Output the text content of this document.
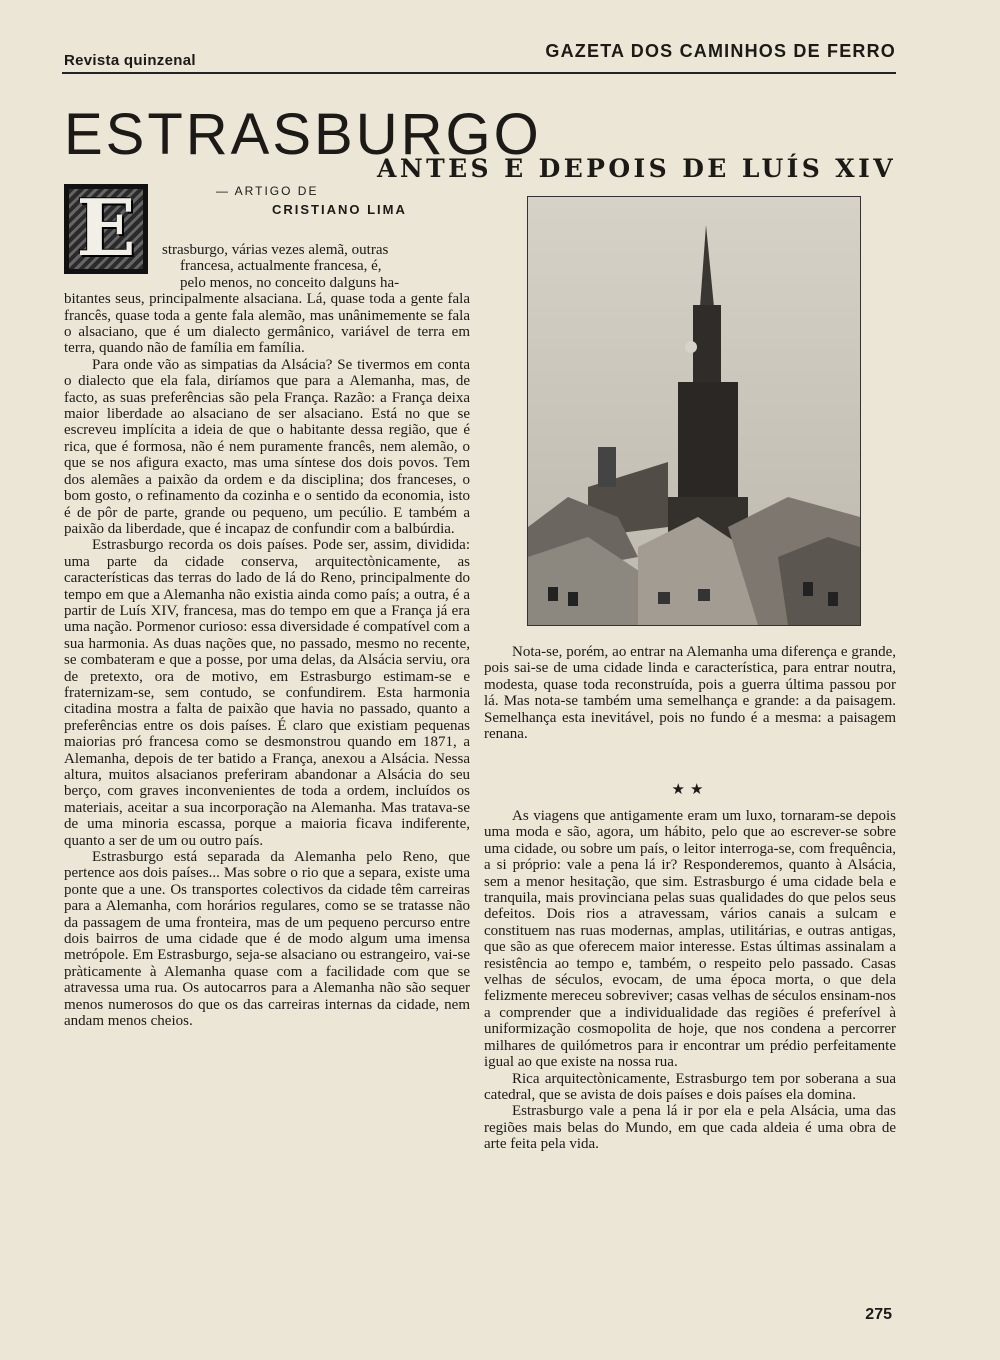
Revista quinzenal	GAZETA DOS CAMINHOS DE FERRO
ESTRASBURGO
ANTES E DEPOIS DE LUÍS XIV
— ARTIGO DE
CRISTIANO LIMA
E	strasburgo, várias vezes alemã, outras
francesa, actualmente francesa, é,
pelo menos, no conceito dalguns ha-

bitantes seus, principalmente alsaciana. Lá, quase toda a gente fala francês, quase toda a gente fala alemão, mas unânimemente se fala o alsaciano, que é um dialecto germânico, variável de terra em terra, quando não de família em família.

Para onde vão as simpatias da Alsácia? Se tivermos em conta o dialecto que ela fala, diríamos que para a Alemanha, mas, de facto, as suas preferências são pela França. Razão: a França deixa maior liberdade ao alsaciano de ser alsaciano. Está no que se escreveu implícita a ideia de que o habitante dessa região, que é rica, que é formosa, não é nem puramente francês, nem alemão, o que se nos afigura exacto, mas uma síntese dos dois povos. Tem dos alemães a paixão da ordem e da disciplina; dos franceses, o bom gosto, o refinamento da cozinha e o sentido da economia, isto é de pôr de parte, grande ou pequeno, um pecúlio. E também a paixão da liberdade, que é incapaz de confundir com a balbúrdia.

Estrasburgo recorda os dois países. Pode ser, assim, dividida: uma parte da cidade conserva, arquitectònicamente, as características das terras do lado de lá do Reno, principalmente do tempo em que a Alemanha não existia ainda como país; a outra, é a partir de Luís XIV, francesa, mas do tempo em que a França já era uma nação. Pormenor curioso: essa diversidade é compatível com a sua harmonia. As duas nações que, no passado, mesmo no recente, se combateram e que a posse, por uma delas, da Alsácia serviu, ora de pretexto, ora de motivo, em Estrasburgo estimam-se e fraternizam-se, sem contudo, se confundirem. Esta harmonia citadina mostra a falta de paixão que havia no passado, quanto a preferências entre os dois países. É claro que existiam pequenas maiorias pró francesa como se desmonstrou quando em 1871, a Alemanha, depois de ter batido a França, anexou a Alsácia. Nessa altura, muitos alsacianos preferiram abandonar a Alsácia do seu berço, com graves inconvenientes de toda a ordem, incluídos os materiais, aceitar a sua incorporação na Alemanha. Mas tratava-se de uma minoria escassa, porque a maioria ficava indiferente, quanto a ser de um ou outro país.

Estrasburgo está separada da Alemanha pelo Reno, que pertence aos dois países... Mas sobre o rio que a separa, existe uma ponte que a une. Os transportes colectivos da cidade têm carreiras para a Alemanha, com horários regulares, como se se tratasse não da passagem de uma fronteira, mas de um pequeno percurso entre dois bairros de uma cidade que é de modo algum uma imensa metrópole. Em Estrasburgo, seja-se alsaciano ou estrangeiro, vai-se pràticamente à Alemanha quase com a facilidade com que se atravessa uma rua. Os autocarros para a Alemanha não são sequer menos numerosos do que os das carreiras internas da cidade, nem andam menos cheios.

Nota-se, porém, ao entrar na Alemanha uma diferença e grande, pois sai-se de uma cidade linda e característica, para entrar noutra, modesta, quase toda reconstruída, pois a guerra última passou por lá. Mas nota-se também uma semelhança e grande: a da paisagem. Semelhança esta inevitável, pois no fundo é a mesma: a paisagem renana.

★★

As viagens que antigamente eram um luxo, tornaram-se depois uma moda e são, agora, um hábito, pelo que ao escrever-se sobre uma cidade, ou sobre um país, o leitor interroga-se, com frequência, a si próprio: vale a pena lá ir? Responderemos, quanto à Alsácia, sem a menor hesitação, que sim. Estrasburgo é uma cidade bela e tranquila, mais provinciana pelas suas qualidades do que pelos seus defeitos. Dois rios a atravessam, vários canais a sulcam e constituem nas ruas modernas, amplas, utilitárias, e outras antigas, que são as que oferecem maior interesse. Estas últimas assinalam a resistência ao tempo e, também, o respeito pelo passado. Casas velhas de séculos, evocam, de uma época morta, o que dela felizmente mereceu sobreviver; casas velhas de séculos ensinam-nos a comprender que a individualidade das regiões é preferível à uniformização cosmopolita de hoje, que nos condena a percorrer milhares de quilómetros para ir encontrar um prédio perfeitamente igual ao que existe na nossa rua.

Rica arquitectònicamente, Estrasburgo tem por soberana a sua catedral, que se avista de dois países e dois países ela domina.

Estrasburgo vale a pena lá ir por ela e pela Alsácia, uma das regiões mais belas do Mundo, em que cada aldeia é uma obra de arte feita pela vida.

275
